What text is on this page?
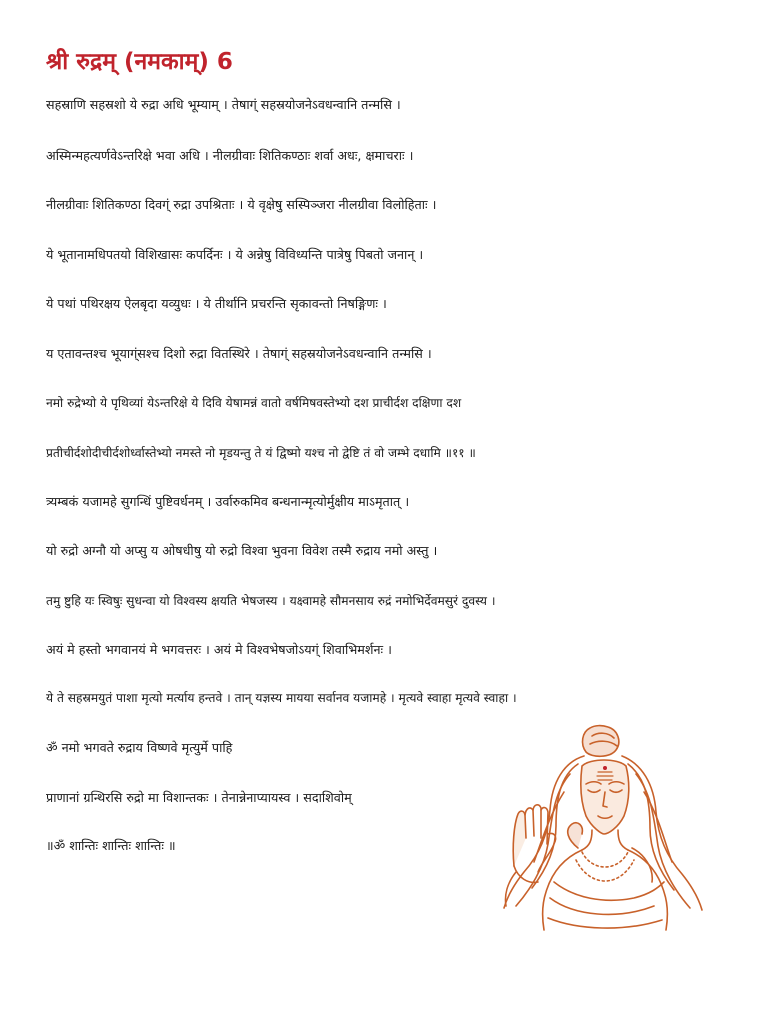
श्री रुद्रम् (नमकाम्) 6
सहस्राणि सहस्रशो ये रुद्रा अधि भूम्याम् । तेषाग्ं सहस्रयोजनेऽवधन्वानि तन्मसि ।
अस्मिन्महत्यर्णवेऽन्तरिक्षे भवा अधि । नीलग्रीवाः शितिकण्ठाः शर्वा अधः, क्षमाचराः ।
नीलग्रीवाः शितिकण्ठा दिवग्ं रुद्रा उपश्रिताः । ये वृक्षेषु सस्पिञ्जरा नीलग्रीवा विलोहिताः ।
ये भूतानामधिपतयो विशिखासः कपर्दिनः । ये अन्नेषु विविध्यन्ति पात्रेषु पिबतो जनान् ।
ये पथां पथिरक्षय ऐलबृदा यव्युधः । ये तीर्थानि प्रचरन्ति सृकावन्तो निषङ्गिणः ।
य एतावन्तश्च भूयाग्ंसश्च दिशो रुद्रा वितस्थिरे । तेषाग्ं सहस्रयोजनेऽवधन्वानि तन्मसि ।
नमो रुद्रेभ्यो ये पृथिव्यां येऽन्तरिक्षे ये दिवि येषामन्नं वातो वर्षमिषवस्तेभ्यो दश प्राचीर्दश दक्षिणा दश
प्रतीचीर्दशोदीचीर्दशोर्ध्वास्तेभ्यो नमस्ते नो मृडयन्तु ते यं द्विष्मो यश्च नो द्वेष्टि तं वो जम्भे दधामि ॥११ ॥
त्र्यम्बकं यजामहे सुगन्धिं पुष्टिवर्धनम् । उर्वारुकमिव बन्धनान्मृत्योर्मुक्षीय माऽमृतात् ।
यो रुद्रो अग्नौ यो अप्सु य ओषधीषु यो रुद्रो विश्वा भुवना विवेश तस्मै रुद्राय नमो अस्तु ।
तमु ष्टुहि यः स्विषुः सुधन्वा यो विश्वस्य क्षयति भेषजस्य । यक्ष्वामहे सौमनसाय रुद्रं नमोभिर्देवमसुरं दुवस्य ।
अयं मे हस्तो भगवानयं मे भगवत्तरः । अयं मे विश्वभेषजोऽयग्ं शिवाभिमर्शनः ।
ये ते सहस्रमयुतं पाशा मृत्यो मर्त्याय हन्तवे । तान् यज्ञस्य मायया सर्वानव यजामहे । मृत्यवे स्वाहा मृत्यवे स्वाहा ।
ॐ नमो भगवते रुद्राय विष्णवे मृत्युर्मे पाहि
प्राणानां ग्रन्थिरसि रुद्रो मा विशान्तकः । तेनान्नेनाप्यायस्व । सदाशिवोम्
॥ॐ शान्तिः शान्तिः शान्तिः ॥
